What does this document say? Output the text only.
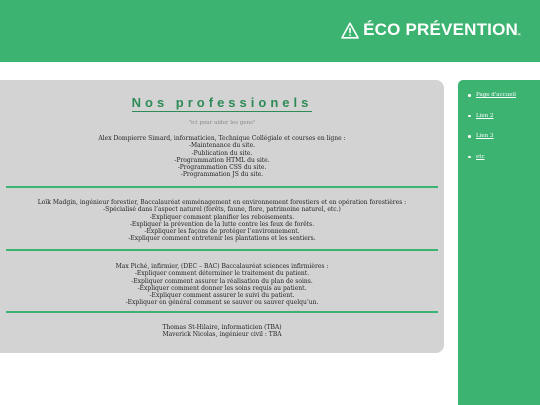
ÉCO PRÉVENTION «
Nos professionels
"ici pour aider les gens"
Alex Dompierre Simard, informaticien, Technique Collégiale et courses en ligne :
-Maintenance du site.
-Publication du site.
-Programmation HTML du site.
-Programmation CSS du site.
-Programmation JS du site.
Loïk Madgin, ingénieur forestier, Baccalauréat emménagement en environnement forestiers et en opération forestières :
-Spécialisé dans l’aspect naturel (forêts, faune, flore, patrimoine naturel, etc.)
-Expliquer comment planifier les reboisements.
-Expliquer la prévention de la lutte contre les feux de forêts.
-Expliquer les façons de protéger l’environnement.
-Expliquer comment entretenir les plantations et les sentiers.
Max Piché, infirmier, (DEC – BAC) Baccalauréat sciences infirmières :
-Expliquer comment déterminer le traitement du patient.
-Expliquer comment assurer la réalisation du plan de soins.
-Expliquer comment donner les soins requis au patient.
-Expliquer comment assurer le suivi du patient.
-Expliquer en général comment se sauver ou sauver quelqu’un.
Thomas St-Hilaire, informaticien (TBA)
Maverick Nicolas, ingénieur civil : TBA
Page d'accueil
Lien 2
Lien 3
etc
